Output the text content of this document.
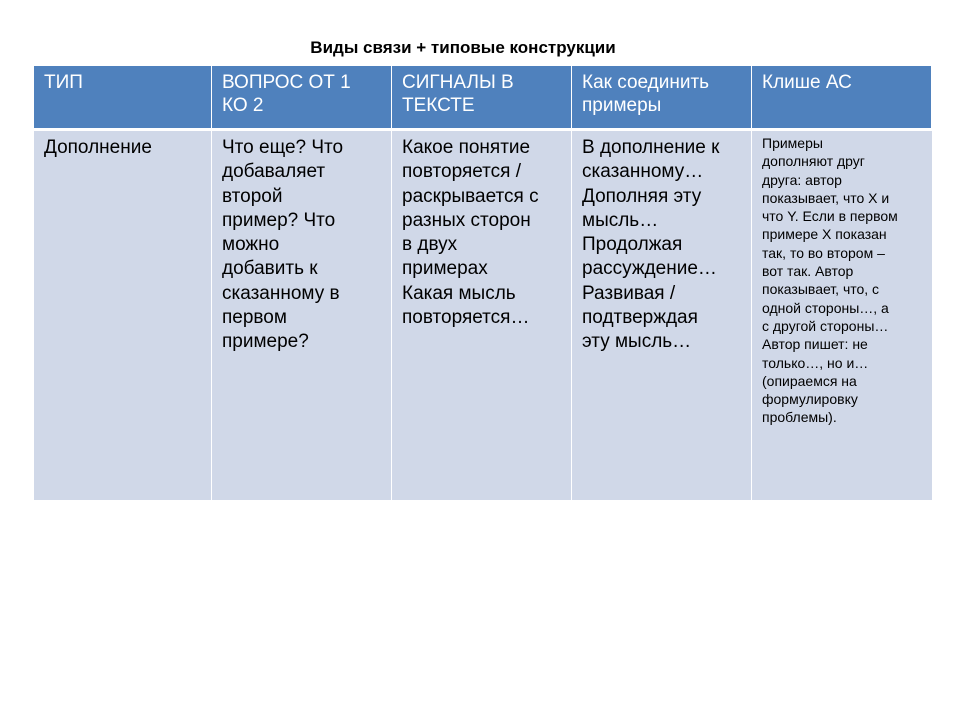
Виды связи + типовые конструкции
ТИП	ВОПРОС ОТ 1
КО 2
СИГНАЛЫ В
ТЕКСТЕ
Как соединить
примеры
Клише АС
Дополнение	Что еще? Что
добаваляет
второй
пример? Что
можно
добавить к
сказанному в
первом
примере?
Какое понятие
повторяется /
раскрывается с
разных сторон
в двух
примерах
Какая мысль
повторяется…
В дополнение к
сказанному…
Дополняя эту
мысль…
Продолжая
рассуждение…
Развивая /
подтверждая
эту мысль…
Примеры
дополняют друг
друга: автор
показывает, что Х и
что Y. Если в первом
примере Х показан
так, то во втором –
вот так. Автор
показывает, что, с
одной стороны…, а
с другой стороны…
Автор пишет: не
только…, но и…
(опираемся на
формулировку
проблемы).
